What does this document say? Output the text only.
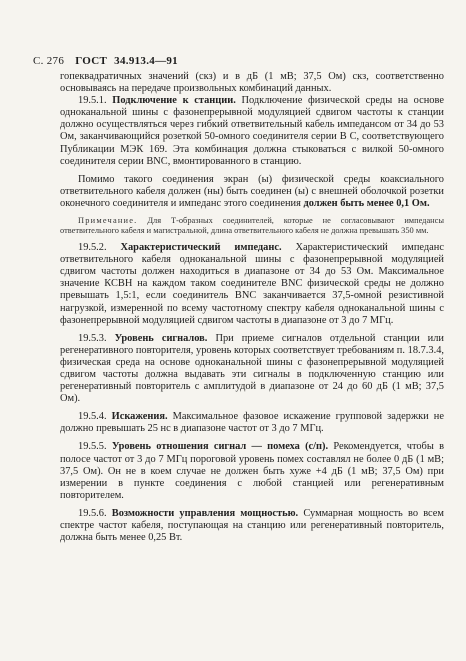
С. 276 ГОСТ 34.913.4—91

гопеквадратичных значений (скз) и в дБ (1 мВ; 37,5 Ом) скз, соответственно основываясь на передаче произвольных комбинаций данных.

19.5.1. Подключение к станции. Подключение физической среды на основе одноканальной шины с фазонепрерывной модуляцией сдвигом частоты к станции должно осуществляться через гибкий ответвительный кабель импедансом от 34 до 53 Ом, заканчивающийся розеткой 50-омного соединителя серии В С, соответствующего Публикации МЭК 169. Эта комбинация должна стыковаться с вилкой 50-омного соединителя серии BNC, вмонтированного в станцию.

Помимо такого соединения экран (ы) физической среды коаксиального ответвительного кабеля должен (ны) быть соединен (ы) с внешней оболочкой розетки оконечного соединителя и импеданс этого соединения должен быть менее 0,1 Ом.

Примечание. Для Т-образных соединителей, которые не согласовывают импедансы ответвительного кабеля и магистральной, длина ответвительного кабеля не должна превышать 350 мм.

19.5.2. Характеристический импеданс. Характеристический импеданс ответвительного кабеля одноканальной шины с фазонепрерывной модуляцией сдвигом частоты должен находиться в диапазоне от 34 до 53 Ом. Максимальное значение КСВН на каждом таком соединителе BNC физической среды не должно превышать 1,5:1, если соединитель BNC заканчивается 37,5-омной резистивной нагрузкой, измеренной по всему частотному спектру кабеля одноканальной шины с фазонепрерывной модуляцией сдвигом частоты в диапазоне от 3 до 7 МГц.

19.5.3. Уровень сигналов. При приеме сигналов отдельной станции или регенеративного повторителя, уровень которых соответствует требованиям п. 18.7.3.4, физическая среда на основе одноканальной шины с фазонепрерывной модуляцией сдвигом частоты должна выдавать эти сигналы в подключенную станцию или регенеративный повторитель с амплитудой в диапазоне от 24 до 60 дБ (1 мВ; 37,5 Ом).

19.5.4. Искажения. Максимальное фазовое искажение групповой задержки не должно превышать 25 нс в диапазоне частот от 3 до 7 МГц.

19.5.5. Уровень отношения сигнал — помеха (с/п). Рекомендуется, чтобы в полосе частот от 3 до 7 МГц пороговой уровень помех составлял не более 0 дБ (1 мВ; 37,5 Ом). Он не в коем случае не должен быть хуже +4 дБ (1 мВ; 37,5 Ом) при измерении в пункте соединения с любой станцией или регенеративным повторителем.

19.5.6. Возможности управления мощностью. Суммарная мощность во всем спектре частот кабеля, поступающая на станцию или регенеративный повторитель, должна быть менее 0,25 Вт.
